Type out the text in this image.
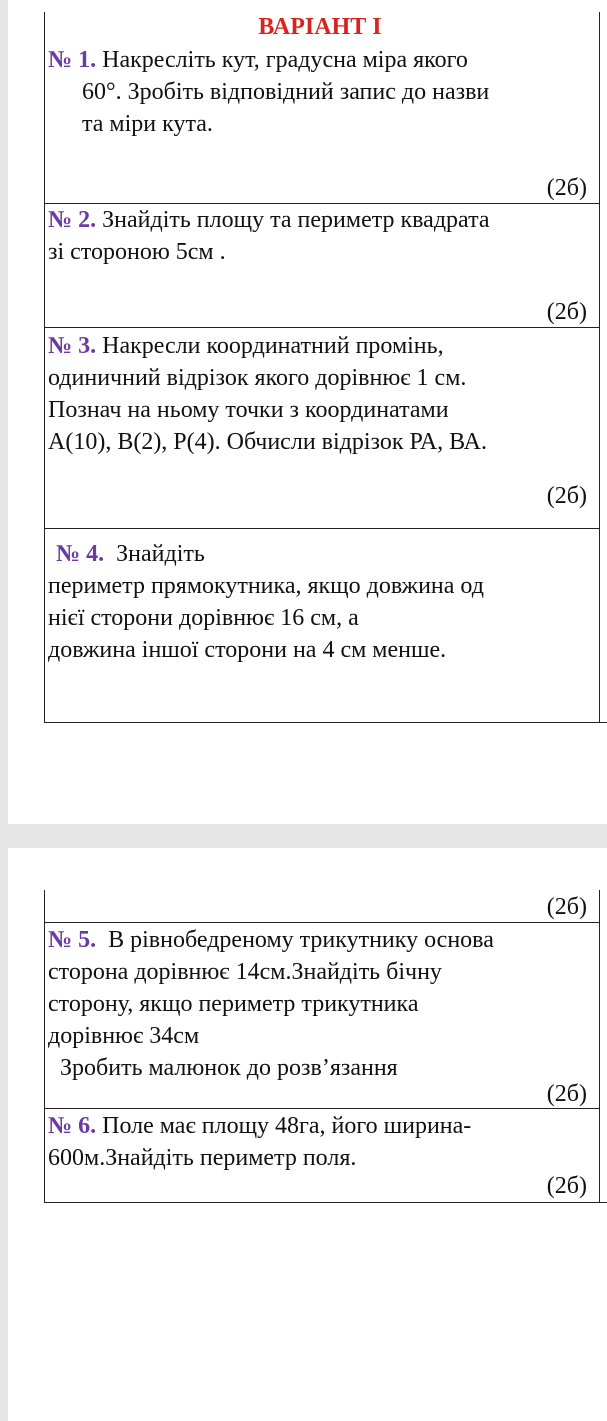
ВАРІАНТ І
№ 1. Накресліть кут, градусна міра якого
60°. Зробіть відповідний запис до назви
та міри кута.
(2б)
№ 2. Знайдіть площу та периметр квадрата
зі стороною 5см .
(2б)
№ 3. Накресли координатний промінь,
одиничний відрізок якого дорівнює 1 см.
Познач на ньому точки з координатами
А(10), В(2), Р(4). Обчисли відрізок РА, ВА.
(2б)
№ 4. Знайдіть
периметр прямокутника, якщо довжина од
нієї сторони дорівнює 16 см, а
довжина іншої сторони на 4 см менше.
(2б)
№ 5. В рівнобедреному трикутнику основа
сторона дорівнює 14см.Знайдіть бічну
сторону, якщо периметр трикутника
дорівнює 34см
Зробить малюнок до розв’язання
(2б)
№ 6. Поле має площу 48га, його ширина-
600м.Знайдіть периметр поля.
(2б)
